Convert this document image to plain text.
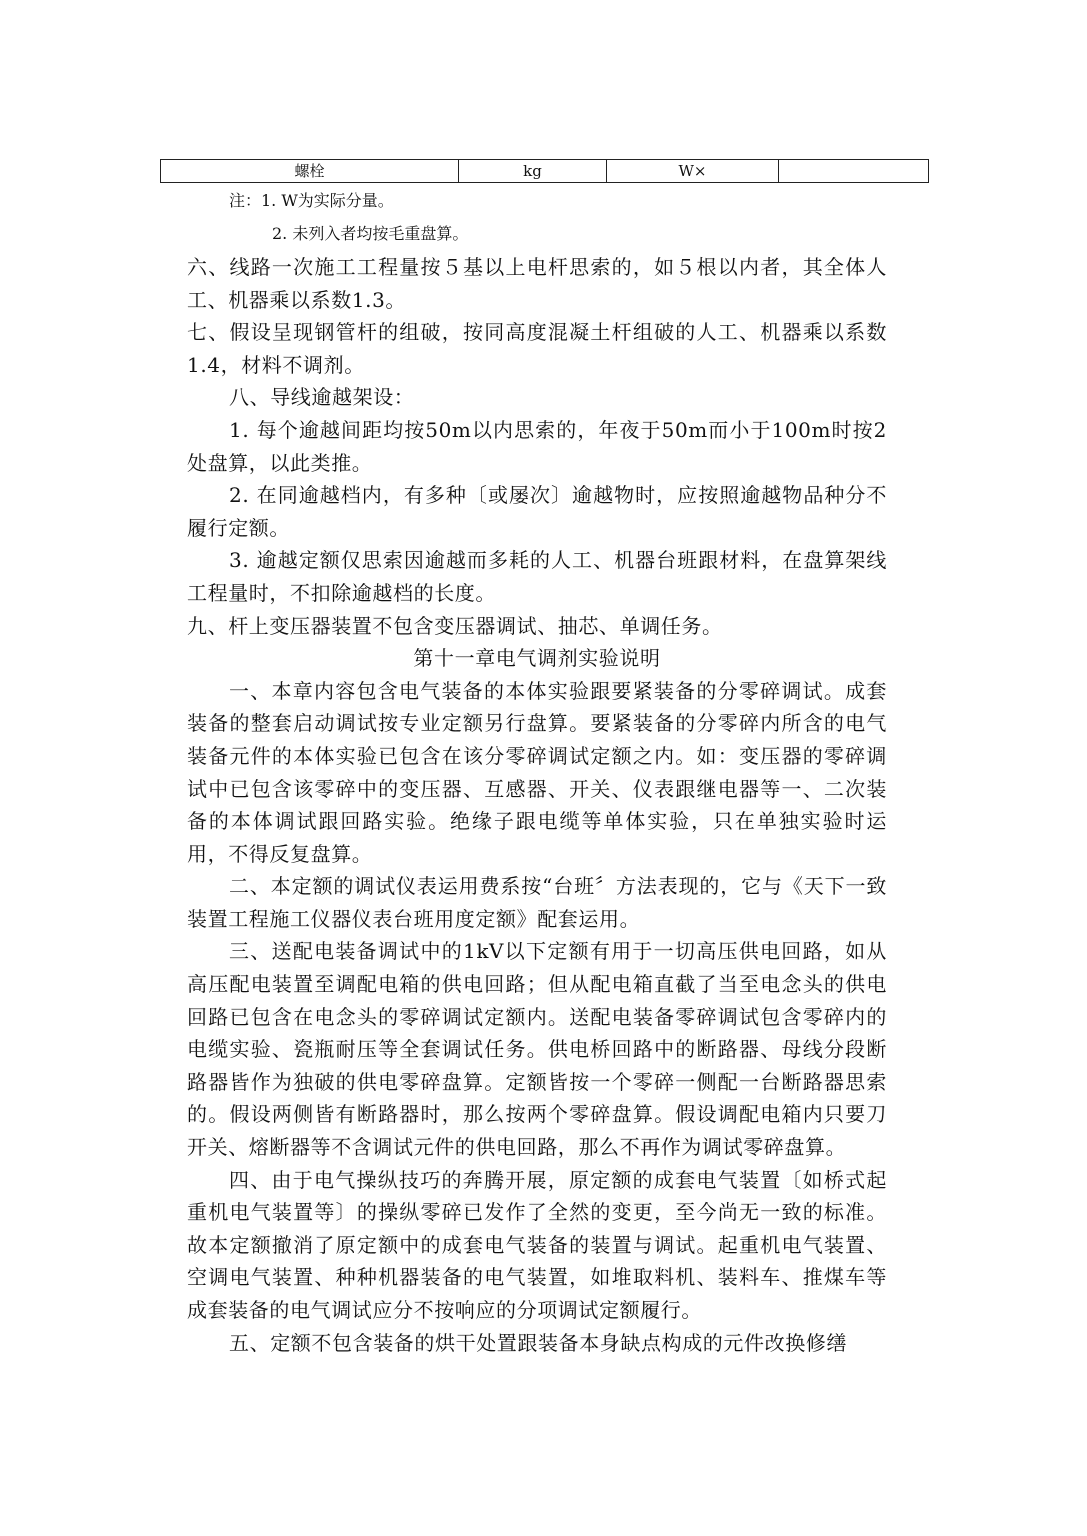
螺栓	kg	W×	
注：1. W为实际分量。
2. 未列入者均按毛重盘算。

六、线路一次施工工程量按５基以上电杆思索的，如５根以内者，其全体人工、机器乘以系数1.3。

七、假设呈现钢管杆的组破，按同高度混凝土杆组破的人工、机器乘以系数1.4，材料不调剂。

八、导线逾越架设：

1. 每个逾越间距均按50m以内思索的，年夜于50m而小于100m时按2处盘算，以此类推。

2. 在同逾越档内，有多种〔或屡次〕逾越物时，应按照逾越物品种分不履行定额。

3. 逾越定额仅思索因逾越而多耗的人工、机器台班跟材料，在盘算架线工程量时，不扣除逾越档的长度。

九、杆上变压器装置不包含变压器调试、抽芯、单调任务。

第十一章电气调剂实验说明

一、本章内容包含电气装备的本体实验跟要紧装备的分零碎调试。成套装备的整套启动调试按专业定额另行盘算。要紧装备的分零碎内所含的电气装备元件的本体实验已包含在该分零碎调试定额之内。如：变压器的零碎调试中已包含该零碎中的变压器、互感器、开关、仪表跟继电器等一、二次装备的本体调试跟回路实验。绝缘子跟电缆等单体实验，只在单独实验时运用，不得反复盘算。

二、本定额的调试仪表运用费系按“台班〞方法表现的，它与《天下一致装置工程施工仪器仪表台班用度定额》配套运用。

三、送配电装备调试中的1kV以下定额有用于一切高压供电回路，如从高压配电装置至调配电箱的供电回路；但从配电箱直截了当至电念头的供电回路已包含在电念头的零碎调试定额内。送配电装备零碎调试包含零碎内的电缆实验、瓷瓶耐压等全套调试任务。供电桥回路中的断路器、母线分段断路器皆作为独破的供电零碎盘算。定额皆按一个零碎一侧配一台断路器思索的。假设两侧皆有断路器时，那么按两个零碎盘算。假设调配电箱内只要刀开关、熔断器等不含调试元件的供电回路，那么不再作为调试零碎盘算。

四、由于电气操纵技巧的奔腾开展，原定额的成套电气装置〔如桥式起重机电气装置等〕的操纵零碎已发作了全然的变更，至今尚无一致的标准。故本定额撤消了原定额中的成套电气装备的装置与调试。起重机电气装置、空调电气装置、种种机器装备的电气装置，如堆取料机、装料车、推煤车等成套装备的电气调试应分不按响应的分项调试定额履行。

五、定额不包含装备的烘干处置跟装备本身缺点构成的元件改换修缮
